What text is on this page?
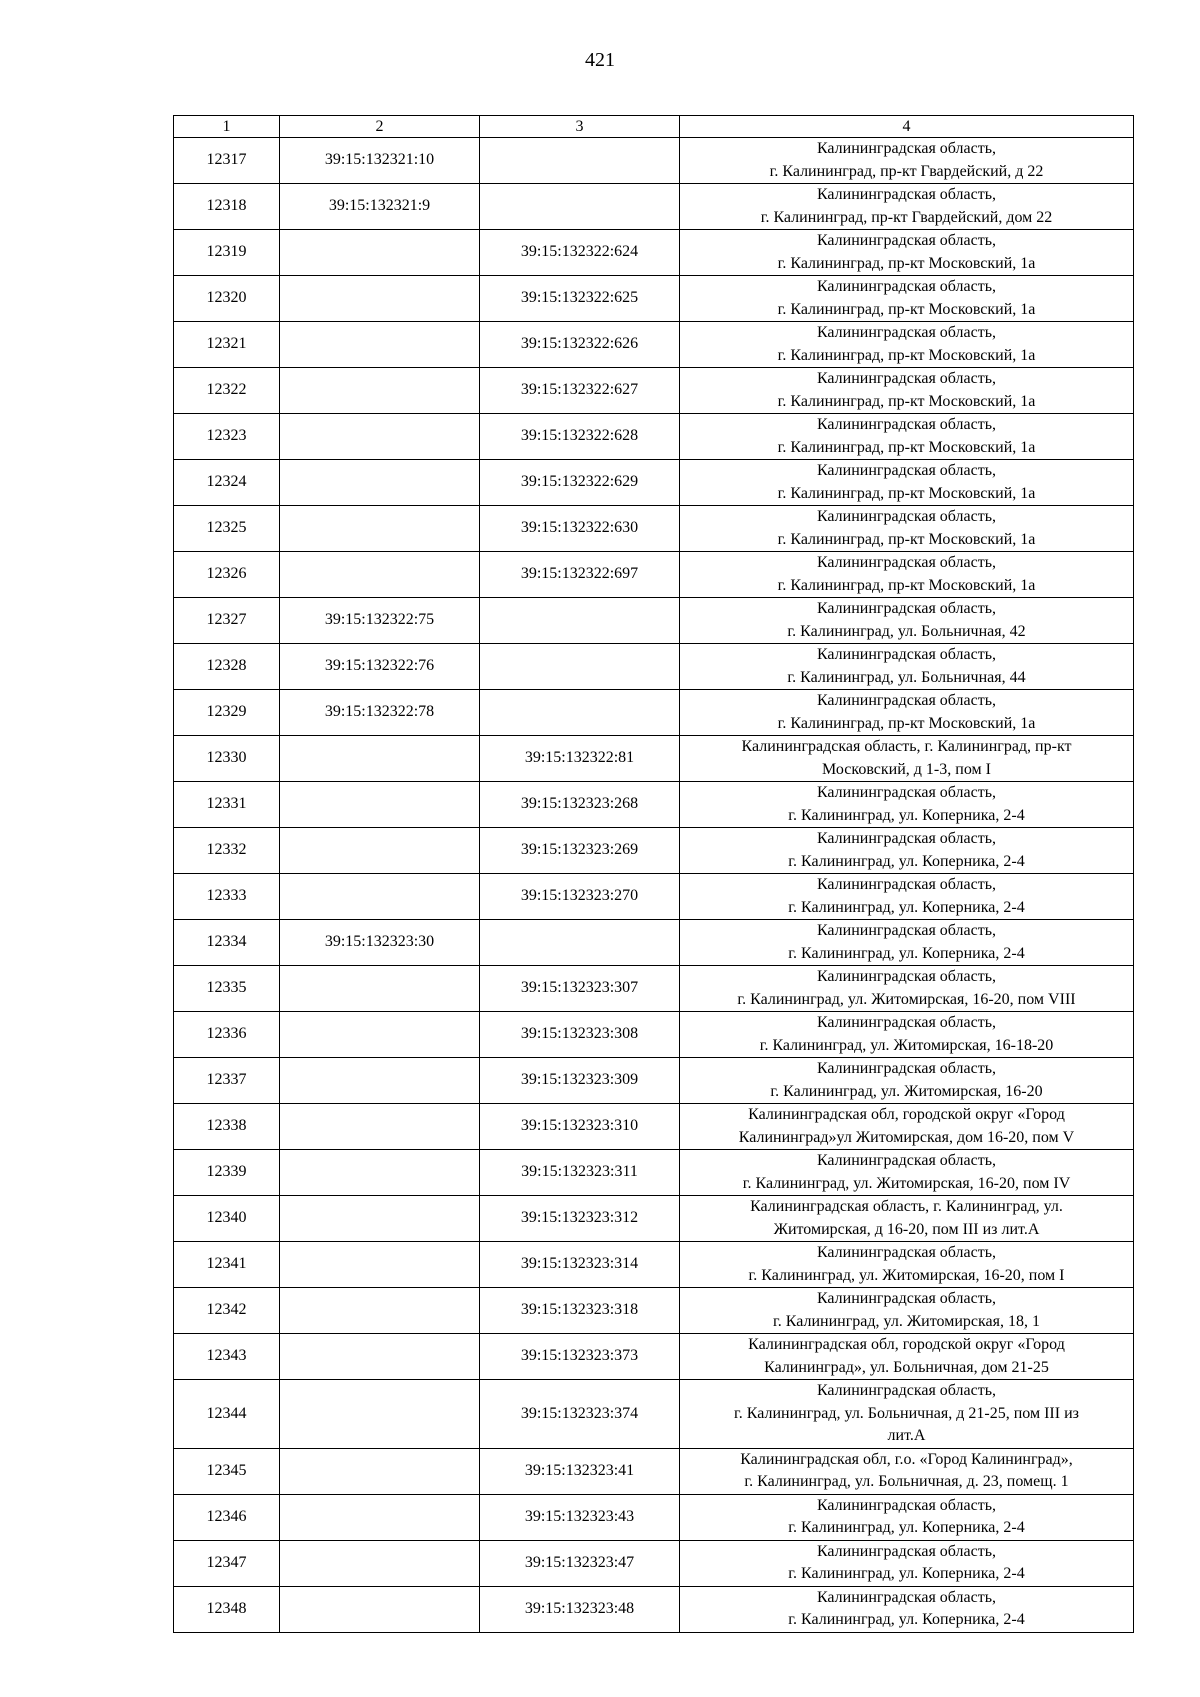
421
1	2	3	4
12317	39:15:132321:10		Калининградская область,
г. Калининград, пр-кт Гвардейский, д 22

12318	39:15:132321:9		Калининградская область,
г. Калининград, пр-кт Гвардейский, дом 22

12319		39:15:132322:624	Калининградская область,
г. Калининград, пр-кт Московский, 1а

12320		39:15:132322:625	Калининградская область,
г. Калининград, пр-кт Московский, 1а

12321		39:15:132322:626	Калининградская область,
г. Калининград, пр-кт Московский, 1а

12322		39:15:132322:627	Калининградская область,
г. Калининград, пр-кт Московский, 1а

12323		39:15:132322:628	Калининградская область,
г. Калининград, пр-кт Московский, 1а

12324		39:15:132322:629	Калининградская область,
г. Калининград, пр-кт Московский, 1а

12325		39:15:132322:630	Калининградская область,
г. Калининград, пр-кт Московский, 1а

12326		39:15:132322:697	Калининградская область,
г. Калининград, пр-кт Московский, 1а

12327	39:15:132322:75		Калининградская область,
г. Калининград, ул. Больничная, 42

12328	39:15:132322:76		Калининградская область,
г. Калининград, ул. Больничная, 44

12329	39:15:132322:78		Калининградская область,
г. Калининград, пр-кт Московский, 1а

12330		39:15:132322:81	Калининградская область, г. Калининград, пр-кт
Московский, д 1-3, пом I

12331		39:15:132323:268	Калининградская область,
г. Калининград, ул. Коперника, 2-4

12332		39:15:132323:269	Калининградская область,
г. Калининград, ул. Коперника, 2-4

12333		39:15:132323:270	Калининградская область,
г. Калининград, ул. Коперника, 2-4

12334	39:15:132323:30		Калининградская область,
г. Калининград, ул. Коперника, 2-4

12335		39:15:132323:307	Калининградская область,
г. Калининград, ул. Житомирская, 16-20, пом VIII

12336		39:15:132323:308	Калининградская область,
г. Калининград, ул. Житомирская, 16-18-20

12337		39:15:132323:309	Калининградская область,
г. Калининград, ул. Житомирская, 16-20

12338		39:15:132323:310	Калининградская обл, городской округ «Город
Калининград»ул Житомирская, дом 16-20, пом V

12339		39:15:132323:311	Калининградская область,
г. Калининград, ул. Житомирская, 16-20, пом IV

12340		39:15:132323:312	Калининградская область, г. Калининград, ул.
Житомирская, д 16-20, пом III из лит.А

12341		39:15:132323:314	Калининградская область,
г. Калининград, ул. Житомирская, 16-20, пом I

12342		39:15:132323:318	Калининградская область,
г. Калининград, ул. Житомирская, 18, 1

12343		39:15:132323:373	Калининградская обл, городской округ «Город
Калининград», ул. Больничная, дом 21-25

12344		39:15:132323:374	Калининградская область,
г. Калининград, ул. Больничная, д 21-25, пом III из
лит.А

12345		39:15:132323:41	Калининградская обл, г.о. «Город Калининград»,
г. Калининград, ул. Больничная, д. 23, помещ. 1

12346		39:15:132323:43	Калининградская область,
г. Калининград, ул. Коперника, 2-4

12347		39:15:132323:47	Калининградская область,
г. Калининград, ул. Коперника, 2-4

12348		39:15:132323:48	Калининградская область,
г. Калининград, ул. Коперника, 2-4
